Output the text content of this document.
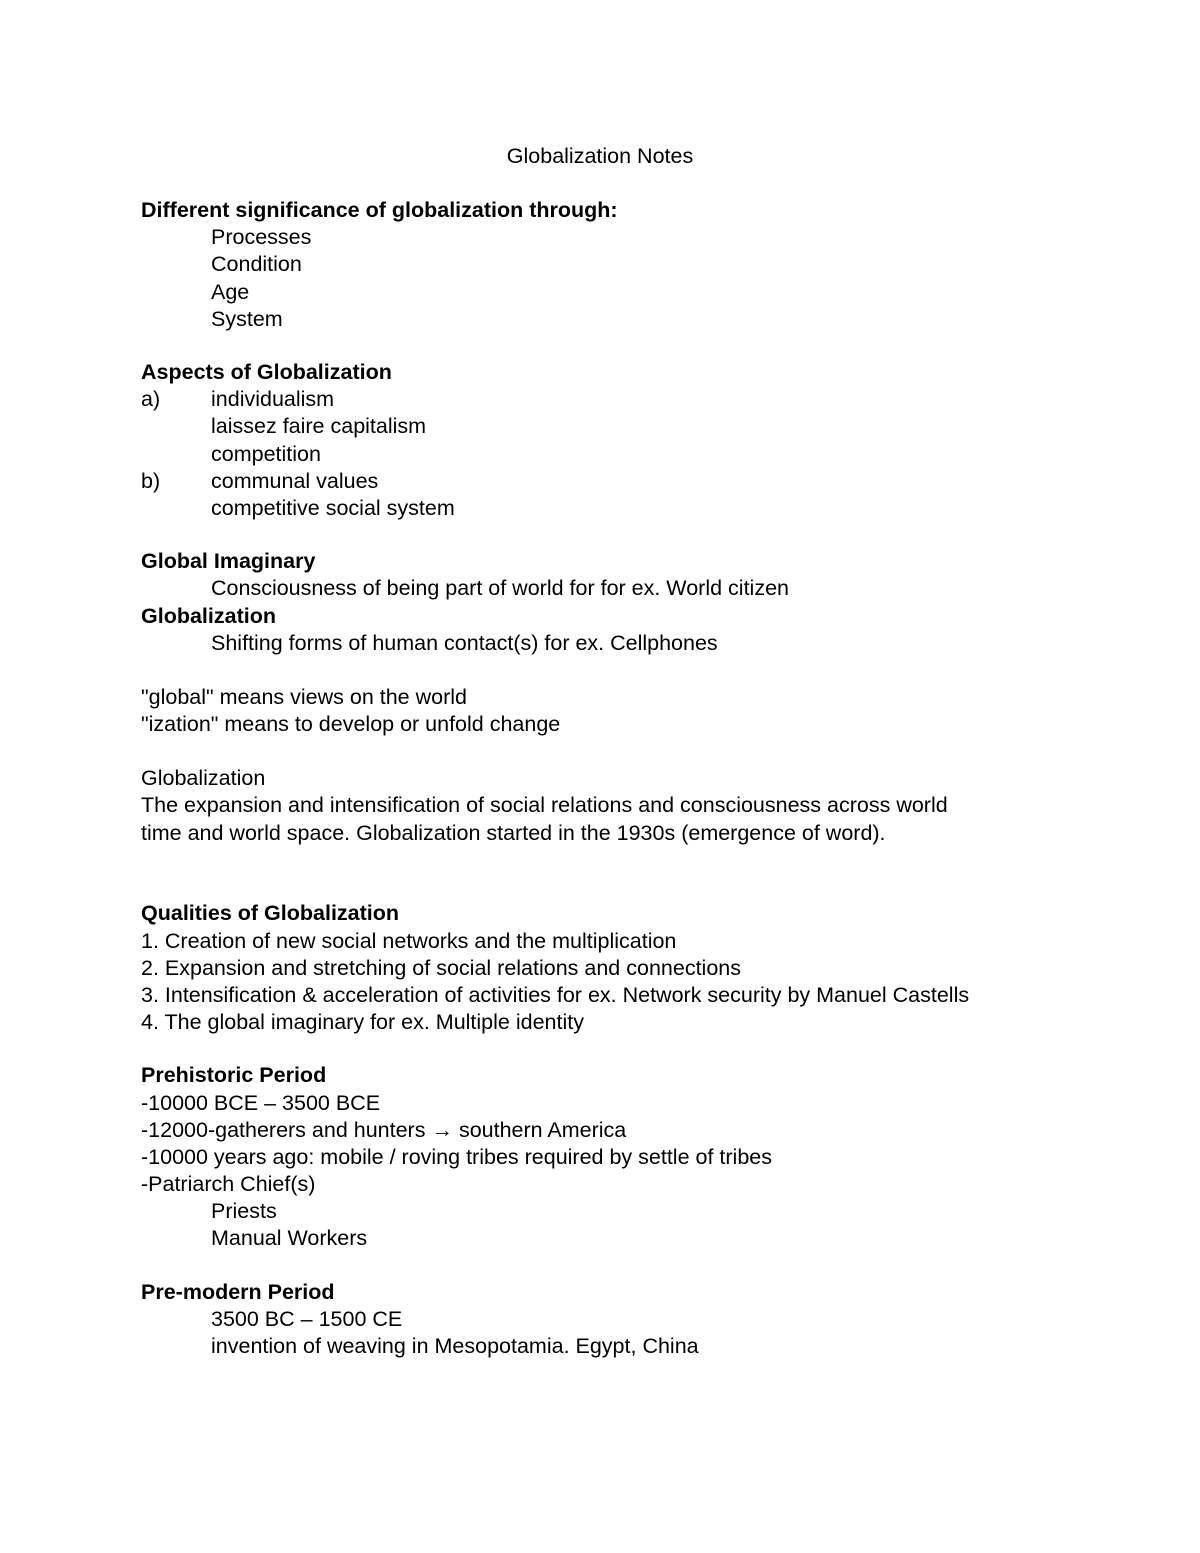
Globalization Notes
Different significance of globalization through:
Processes
Condition
Age
System
Aspects of Globalization
a) individualism
laissez faire capitalism
competition
b) communal values
competitive social system
Global Imaginary
Consciousness of being part of world for for ex. World citizen
Globalization
Shifting forms of human contact(s) for ex. Cellphones
"global" means views on the world
"ization" means to develop or unfold change
Globalization
The expansion and intensification of social relations and consciousness across world
time and world space. Globalization started in the 1930s (emergence of word).
Qualities of Globalization
1. Creation of new social networks and the multiplication
2. Expansion and stretching of social relations and connections
3. Intensification & acceleration of activities for ex. Network security by Manuel Castells
4. The global imaginary for ex. Multiple identity
Prehistoric Period
-10000 BCE – 3500 BCE
-12000-gatherers and hunters → southern America
-10000 years ago: mobile / roving tribes required by settle of tribes
-Patriarch Chief(s)
Priests
Manual Workers
Pre-modern Period
3500 BC – 1500 CE
invention of weaving in Mesopotamia. Egypt, China
